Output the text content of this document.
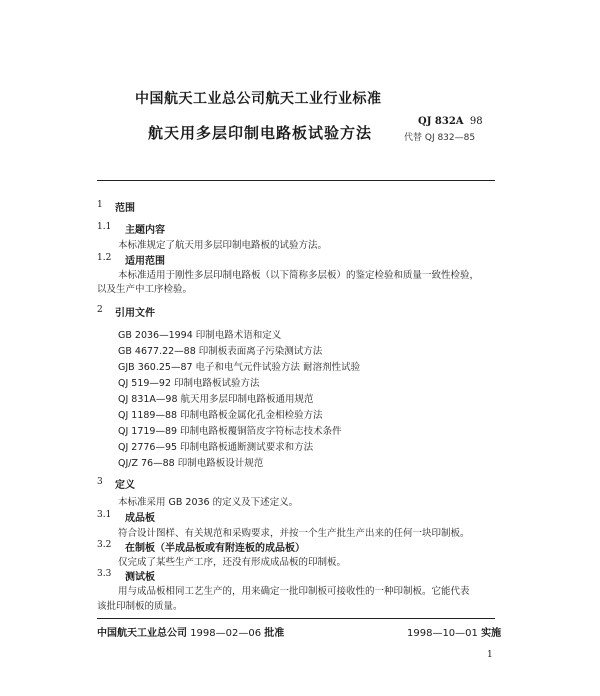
中国航天工业总公司航天工业行业标准
QJ 832A 98
航天用多层印制电路板试验方法	代替 QJ 832—85
1 范围
1.1 主题内容
本标准规定了航天用多层印制电路板的试验方法。
1.2 适用范围
本标准适用于刚性多层印制电路板（以下简称多层板）的鉴定检验和质量一致性检验，
以及生产中工序检验。
2 引用文件
GB 2036—1994 印制电路术语和定义
GB 4677.22—88 印制板表面离子污染测试方法
GJB 360.25—87 电子和电气元件试验方法 耐溶剂性试验
QJ 519—92 印制电路板试验方法
QJ 831A—98 航天用多层印制电路板通用规范
QJ 1189—88 印制电路板金属化孔金相检验方法
QJ 1719—89 印制电路板覆铜箔皮字符标志技术条件
QJ 2776—95 印制电路板通断测试要求和方法
QJ/Z 76—88 印制电路板设计规范
3 定义
本标准采用 GB 2036 的定义及下述定义。
3.1 成品板
符合设计图样、有关规范和采购要求，并按一个生产批生产出来的任何一块印制板。
3.2 在制板（半成品板或有附连板的成品板）
仅完成了某些生产工序，还没有形成成品板的印制板。
3.3 测试板
用与成品板相同工艺生产的，用来确定一批印制板可接收性的一种印制板。它能代表
该批印制板的质量。
中国航天工业总公司 1998—02—06 批准	1998—10—01 实施
1
